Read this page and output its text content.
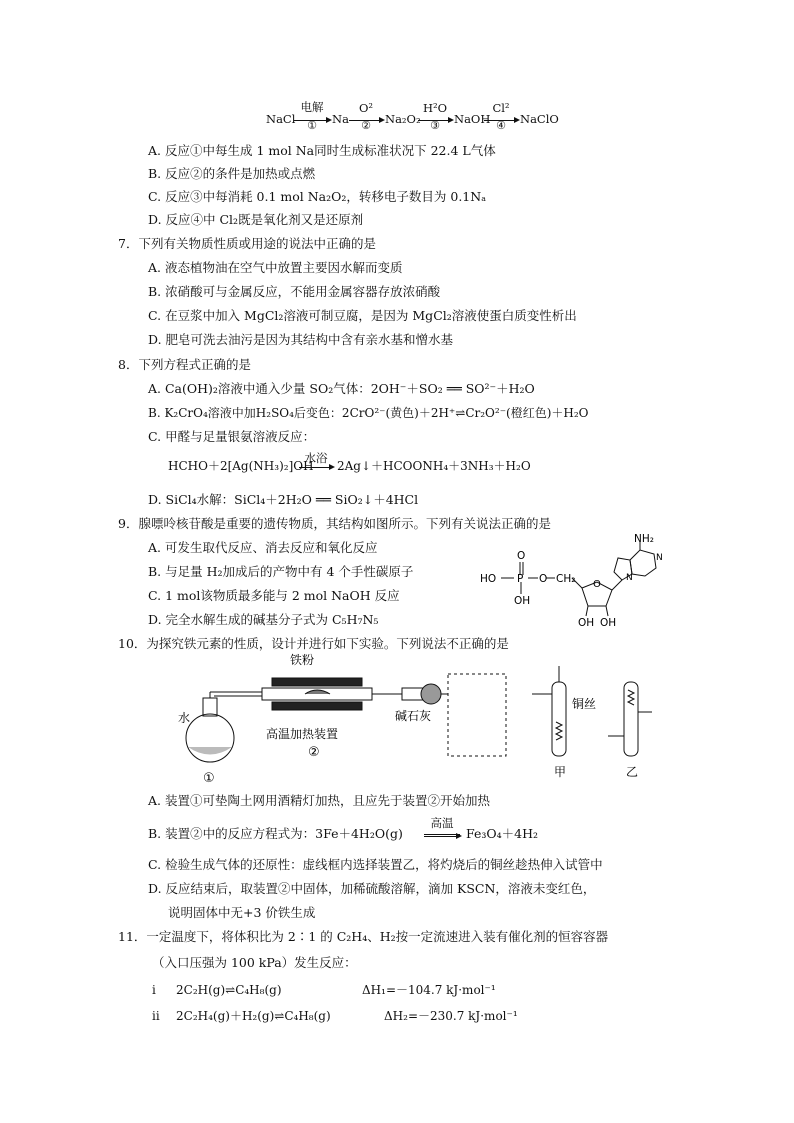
NaCl
电解
①	Na
O²
②	Na₂O₂
H²O
③	NaOH
Cl²
④	NaClO
A. 反应①中每生成 1 mol Na同时生成标准状况下 22.4 L气体
B. 反应②的条件是加热或点燃
C. 反应③中每消耗 0.1 mol Na₂O₂，转移电子数目为 0.1Nₐ
D. 反应④中 Cl₂既是氧化剂又是还原剂
7．下列有关物质性质或用途的说法中正确的是
A. 液态植物油在空气中放置主要因水解而变质
B. 浓硝酸可与金属反应，不能用金属容器存放浓硝酸
C. 在豆浆中加入 MgCl₂溶液可制豆腐，是因为 MgCl₂溶液使蛋白质变性析出
D. 肥皂可洗去油污是因为其结构中含有亲水基和憎水基
8．下列方程式正确的是
A. Ca(OH)₂溶液中通入少量 SO₂气体：2OH⁻＋SO₂ ══ SO²⁻＋H₂O
B. K₂CrO₄溶液中加H₂SO₄后变色：2CrO²⁻(黄色)＋2H⁺⇌Cr₂O²⁻(橙红色)＋H₂O
C. 甲醛与足量银氨溶液反应：
HCHO＋2[Ag(NH₃)₂]OH
水浴
2Ag↓＋HCOONH₄＋3NH₃＋H₂O
D. SiCl₄水解：SiCl₄＋2H₂O ══ SiO₂↓＋4HCl
9．腺嘌呤核苷酸是重要的遗传物质，其结构如图所示。下列有关说法正确的是
A. 可发生取代反应、消去反应和氧化反应
B. 与足量 H₂加成后的产物中有 4 个手性碳原子
C. 1 mol该物质最多能与 2 mol NaOH 反应
D. 完全水解生成的碱基分子式为 C₅H₇N₅
HO
O
P O
OH
CH₂ O
OH OH
NH₂
N
N
10．为探究铁元素的性质，设计并进行如下实验。下列说法不正确的是
铁粉
水
高温加热装置
②
碱石灰
①
铜丝
甲	乙
A. 装置①可垫陶土网用酒精灯加热，且应先于装置②开始加热
B. 装置②中的反应方程式为：3Fe＋4H₂O(g)
高温
Fe₃O₄＋4H₂
C. 检验生成气体的还原性：虚线框内选择装置乙，将灼烧后的铜丝趁热伸入试管中
D. 反应结束后，取装置②中固体，加稀硫酸溶解，滴加 KSCN，溶液未变红色，
说明固体中无+3 价铁生成
11．一定温度下，将体积比为 2∶1 的 C₂H₄、H₂按一定流速进入装有催化剂的恒容容器
（入口压强为 100 kPa）发生反应：
i 2C₂H(g)⇌C₄H₈(g)	ΔH₁=－104.7 kJ·mol⁻¹
ii 2C₂H₄(g)＋H₂(g)⇌C₄H₈(g)	ΔH₂=－230.7 kJ·mol⁻¹
